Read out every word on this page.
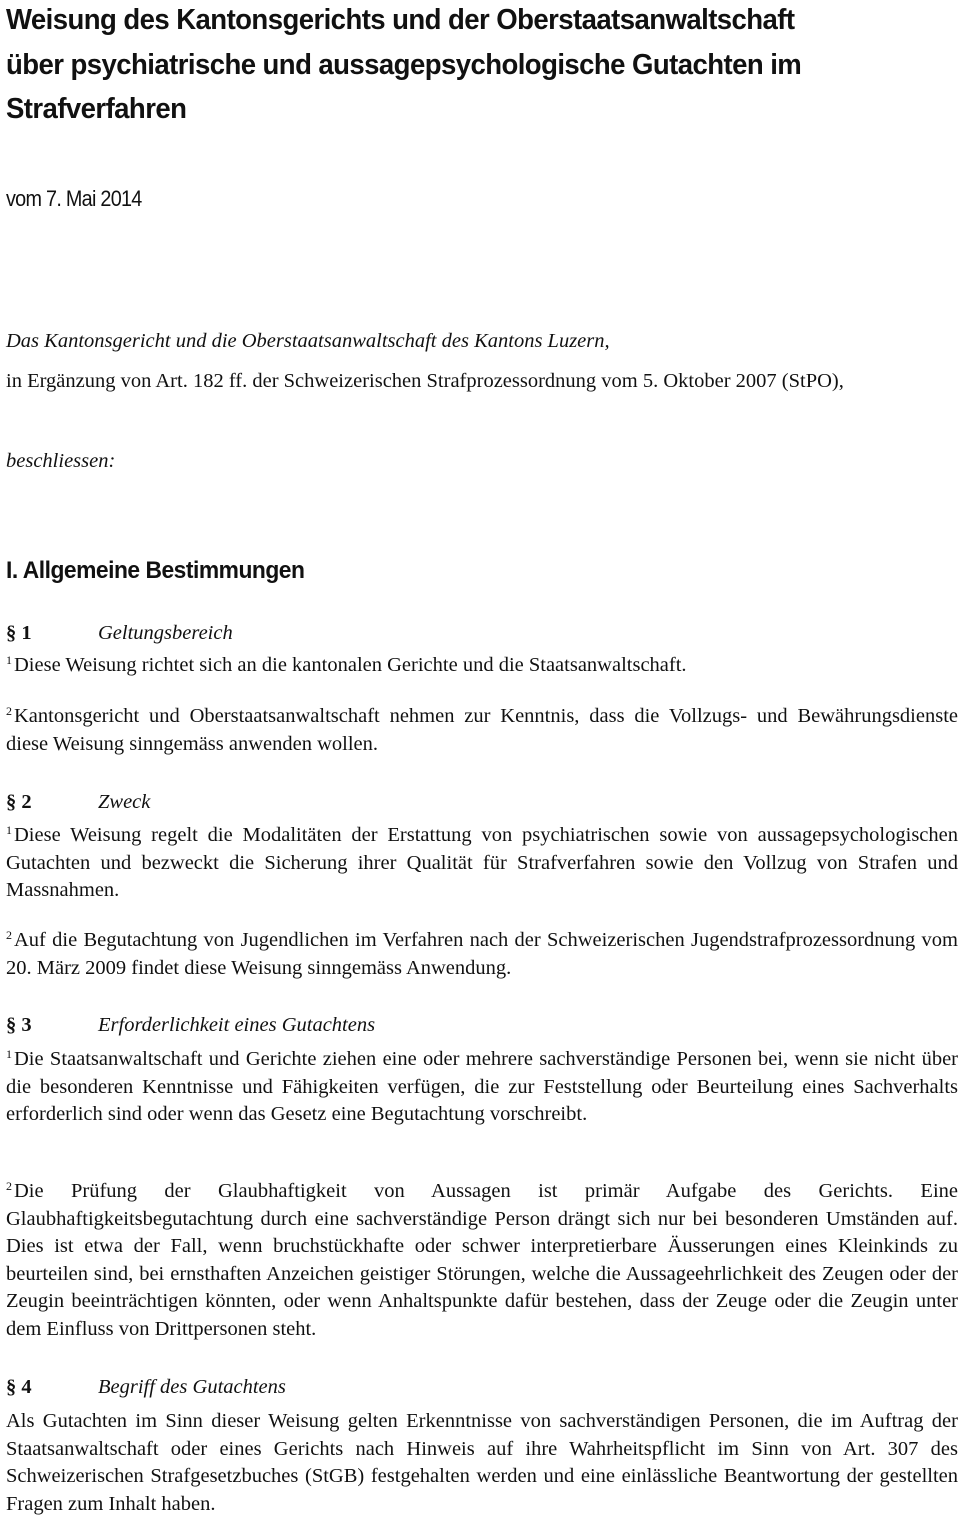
Weisung des Kantonsgerichts und der Oberstaatsanwaltschaft
über psychiatrische und aussagepsychologische Gutachten im
Strafverfahren
vom 7. Mai 2014
Das Kantonsgericht und die Oberstaatsanwaltschaft des Kantons Luzern,
in Ergänzung von Art. 182 ff. der Schweizerischen Strafprozessordnung vom 5. Oktober 2007 (StPO),
beschliessen:
I. Allgemeine Bestimmungen
§ 1	Geltungsbereich
$^1$Diese Weisung richtet sich an die kantonalen Gerichte und die Staatsanwaltschaft.
$^2$Kantonsgericht und Oberstaatsanwaltschaft nehmen zur Kenntnis, dass die Vollzugs- und Bewährungsdienste diese Weisung sinngemäss anwenden wollen.
§ 2	Zweck
$^1$Diese Weisung regelt die Modalitäten der Erstattung von psychiatrischen sowie von aussagepsychologischen Gutachten und bezweckt die Sicherung ihrer Qualität für Strafverfahren sowie den Vollzug von Strafen und Massnahmen.
$^2$Auf die Begutachtung von Jugendlichen im Verfahren nach der Schweizerischen Jugendstrafprozessordnung vom 20. März 2009 findet diese Weisung sinngemäss Anwendung.
§ 3	Erforderlichkeit eines Gutachtens
$^1$Die Staatsanwaltschaft und Gerichte ziehen eine oder mehrere sachverständige Personen bei, wenn sie nicht über die besonderen Kenntnisse und Fähigkeiten verfügen, die zur Feststellung oder Beurteilung eines Sachverhalts erforderlich sind oder wenn das Gesetz eine Begutachtung vorschreibt.
$^2$Die Prüfung der Glaubhaftigkeit von Aussagen ist primär Aufgabe des Gerichts. Eine Glaubhaftigkeitsbegutachtung durch eine sachverständige Person drängt sich nur bei besonderen Umständen auf. Dies ist etwa der Fall, wenn bruchstückhafte oder schwer interpretierbare Äusserungen eines Kleinkinds zu beurteilen sind, bei ernsthaften Anzeichen geistiger Störungen, welche die Aussageehrlichkeit des Zeugen oder der Zeugin beeinträchtigen könnten, oder wenn Anhaltspunkte dafür bestehen, dass der Zeuge oder die Zeugin unter dem Einfluss von Drittpersonen steht.
§ 4	Begriff des Gutachtens
Als Gutachten im Sinn dieser Weisung gelten Erkenntnisse von sachverständigen Personen, die im Auftrag der Staatsanwaltschaft oder eines Gerichts nach Hinweis auf ihre Wahrheitspflicht im Sinn von Art. 307 des Schweizerischen Strafgesetzbuches (StGB) festgehalten werden und eine einlässliche Beantwortung der gestellten Fragen zum Inhalt haben.
